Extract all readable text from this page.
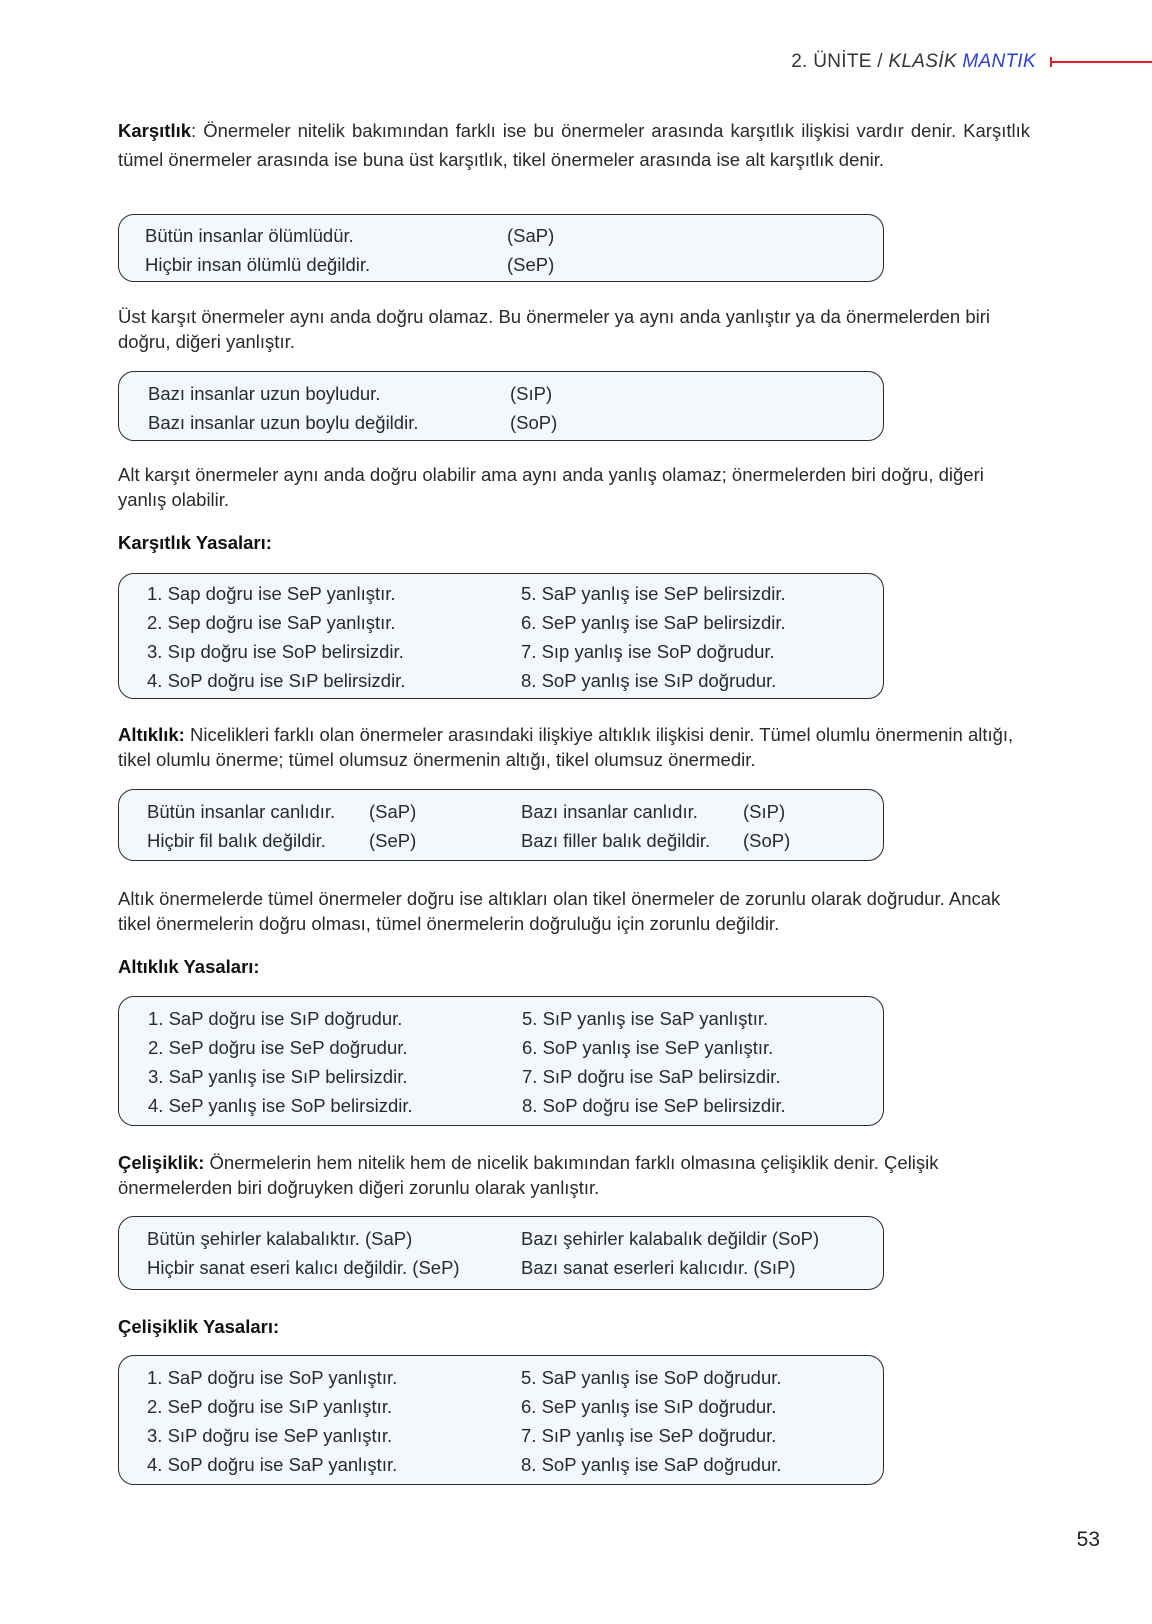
2. ÜNİTE / KLASİK MANTIK

Karşıtlık: Önermeler nitelik bakımından farklı ise bu önermeler arasında karşıtlık ilişkisi vardır denir. Karşıtlık tümel önermeler arasında ise buna üst karşıtlık, tikel önermeler arasında ise alt karşıtlık denir.

Bütün insanlar ölümlüdür.	(SaP)
Hiçbir insan ölümlü değildir.	(SeP)

Üst karşıt önermeler aynı anda doğru olamaz. Bu önermeler ya aynı anda yanlıştır ya da önermelerden biri doğru, diğeri yanlıştır.

Bazı insanlar uzun boyludur.	(SıP)
Bazı insanlar uzun boylu değildir.	(SoP)

Alt karşıt önermeler aynı anda doğru olabilir ama aynı anda yanlış olamaz; önermelerden biri doğru, diğeri yanlış olabilir.

Karşıtlık Yasaları:

1. Sap doğru ise SeP yanlıştır.	5. SaP yanlış ise SeP belirsizdir.
2. Sep doğru ise SaP yanlıştır.	6. SeP yanlış ise SaP belirsizdir.
3. Sıp doğru ise SoP belirsizdir.	7. Sıp yanlış ise SoP doğrudur.
4. SoP doğru ise SıP belirsizdir.	8. SoP yanlış ise SıP doğrudur.

Altıklık: Nicelikleri farklı olan önermeler arasındaki ilişkiye altıklık ilişkisi denir. Tümel olumlu önermenin altığı, tikel olumlu önerme; tümel olumsuz önermenin altığı, tikel olumsuz önermedir.

Bütün insanlar canlıdır.	(SaP)	Bazı insanlar canlıdır.	(SıP)
Hiçbir fil balık değildir.	(SeP)	Bazı filler balık değildir.	(SoP)

Altık önermelerde tümel önermeler doğru ise altıkları olan tikel önermeler de zorunlu olarak doğrudur. Ancak tikel önermelerin doğru olması, tümel önermelerin doğruluğu için zorunlu değildir.

Altıklık Yasaları:

1. SaP doğru ise SıP doğrudur.	5. SıP yanlış ise SaP yanlıştır.
2. SeP doğru ise SeP doğrudur.	6. SoP yanlış ise SeP yanlıştır.
3. SaP yanlış ise SıP belirsizdir.	7. SıP doğru ise SaP belirsizdir.
4. SeP yanlış ise SoP belirsizdir.	8. SoP doğru ise SeP belirsizdir.

Çelişiklik: Önermelerin hem nitelik hem de nicelik bakımından farklı olmasına çelişiklik denir. Çelişik önermelerden biri doğruyken diğeri zorunlu olarak yanlıştır.

Bütün şehirler kalabalıktır. (SaP)	Bazı şehirler kalabalık değildir (SoP)
Hiçbir sanat eseri kalıcı değildir. (SeP)	Bazı sanat eserleri kalıcıdır. (SıP)

Çelişiklik Yasaları:

1. SaP doğru ise SoP yanlıştır.	5. SaP yanlış ise SoP doğrudur.
2. SeP doğru ise SıP yanlıştır.	6. SeP yanlış ise SıP doğrudur.
3. SıP doğru ise SeP yanlıştır.	7. SıP yanlış ise SeP doğrudur.
4. SoP doğru ise SaP yanlıştır.	8. SoP yanlış ise SaP doğrudur.
53
